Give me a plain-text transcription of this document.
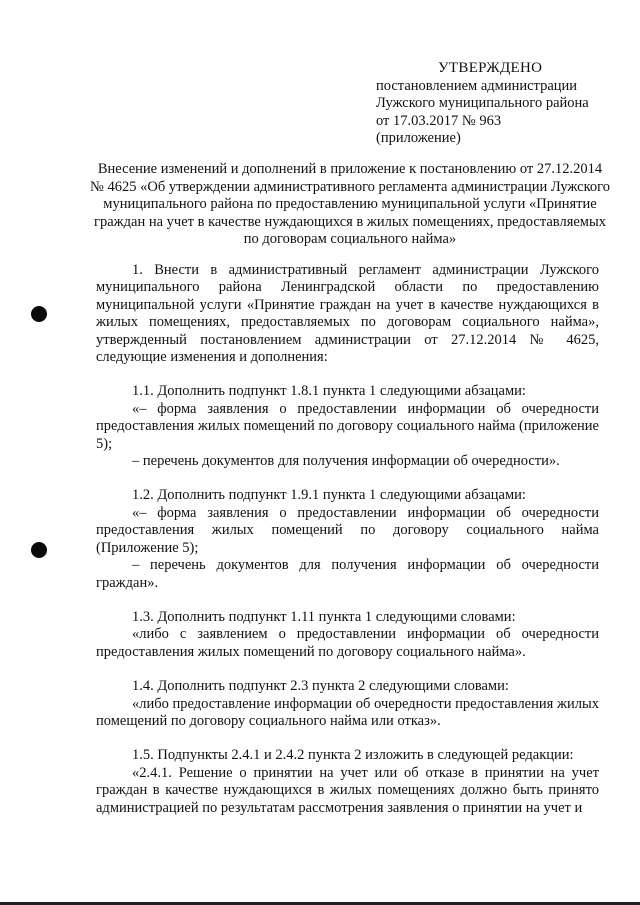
УТВЕРЖДЕНО
постановлением администрации
Лужского муниципального района
от 17.03.2017 № 963
(приложение)
Внесение изменений и дополнений в приложение к постановлению от 27.12.2014 № 4625 «Об утверждении административного регламента администрации Лужского муниципального района по предоставлению муниципальной услуги «Принятие граждан на учет в качестве нуждающихся в жилых помещениях, предоставляемых по договорам социального найма»

1. Внести в административный регламент администрации Лужского муниципального района Ленинградской области по предоставлению муниципальной услуги «Принятие граждан на учет в качестве нуждающихся в жилых помещениях, предоставляемых по договорам социального найма», утвержденный постановлением администрации от 27.12.2014 № 4625, следующие изменения и дополнения:

1.1. Дополнить подпункт 1.8.1 пункта 1 следующими абзацами:

«– форма заявления о предоставлении информации об очередности предоставления жилых помещений по договору социального найма (приложение 5);

– перечень документов для получения информации об очередности».

1.2. Дополнить подпункт 1.9.1 пункта 1 следующими абзацами:

«– форма заявления о предоставлении информации об очередности предоставления жилых помещений по договору социального найма (Приложение 5);

– перечень документов для получения информации об очередности граждан».

1.3. Дополнить подпункт 1.11 пункта 1 следующими словами:

«либо с заявлением о предоставлении информации об очередности предоставления жилых помещений по договору социального найма».

1.4. Дополнить подпункт 2.3 пункта 2 следующими словами:

«либо предоставление информации об очередности предоставления жилых помещений по договору социального найма или отказ».

1.5. Подпункты 2.4.1 и 2.4.2 пункта 2 изложить в следующей редакции:

«2.4.1. Решение о принятии на учет или об отказе в принятии на учет граждан в качестве нуждающихся в жилых помещениях должно быть принято администрацией по результатам рассмотрения заявления о принятии на учет и
